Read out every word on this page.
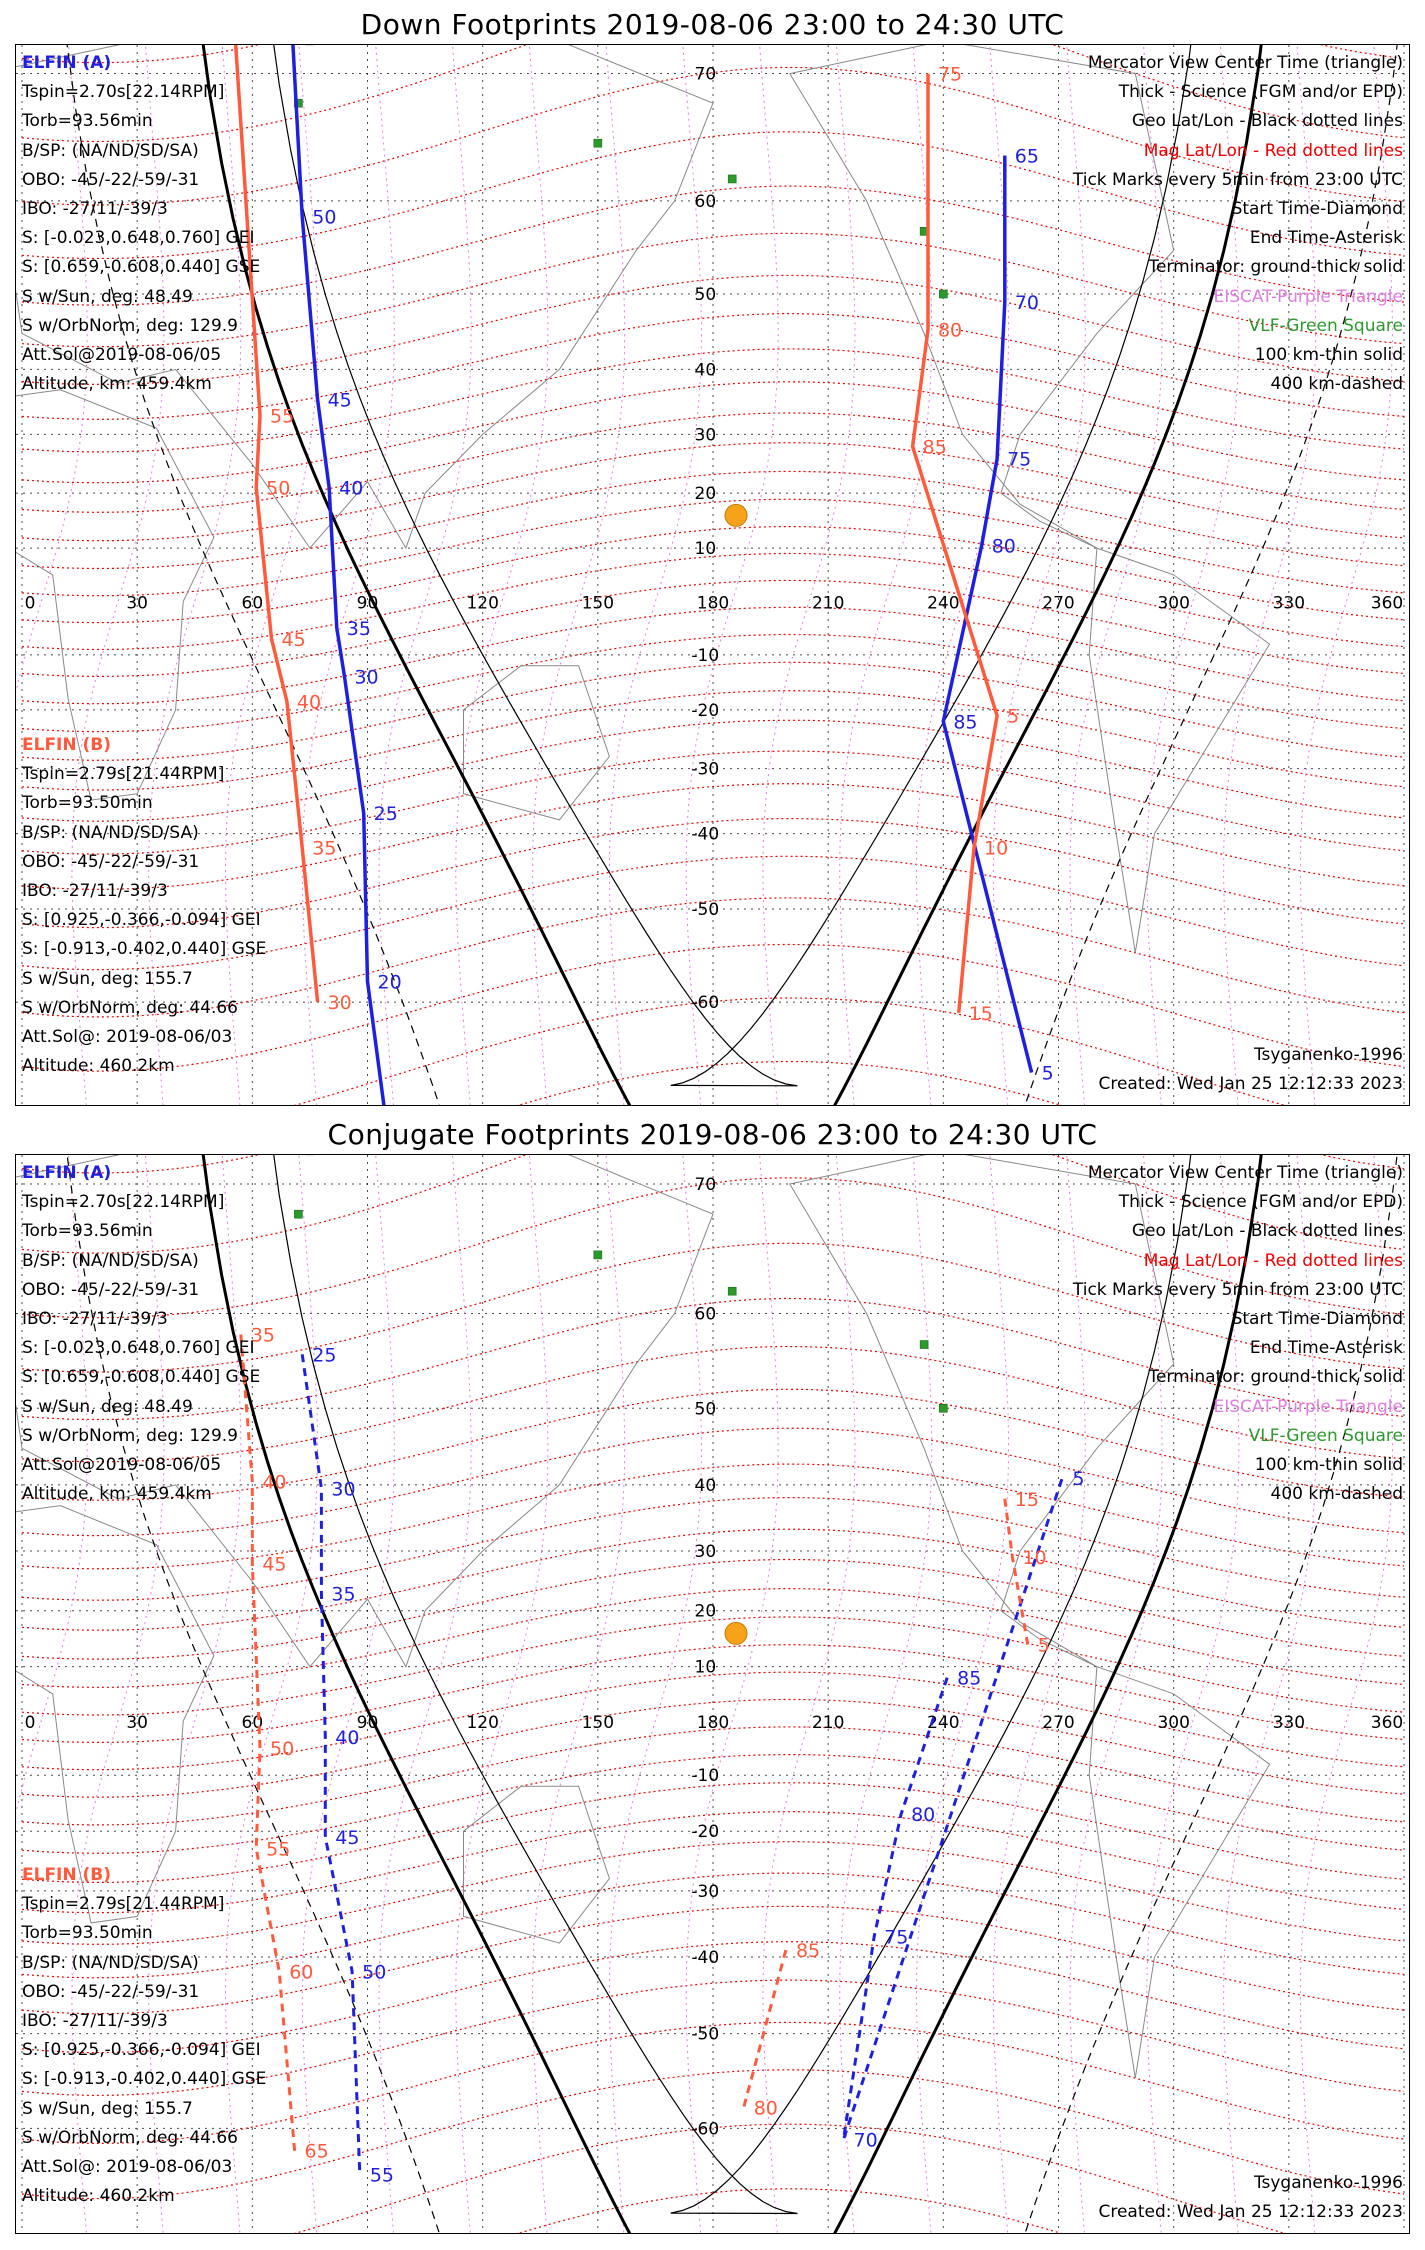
Down Footprints 2019-08-06 23:00 to 24:30 UTC
0	30	60	90	120	150	180	210	240	270	300	330	360
70
60
50
40
30
20
10
-10
-20
-30
-40
-50
-60
50
45
40
35
30
25
20
65
70
75
80
85
5
55
50
45
40
35
30
75
80
85
5
10
15
ELFIN (A)
Tspin=2.70s[22.14RPM]
Torb=93.56min
B/SP: (NA/ND/SD/SA)
OBO: -45/-22/-59/-31
IBO: -27/11/-39/3
S: [-0.023,0.648,0.760] GEI
S: [0.659,-0.608,0.440] GSE
S w/Sun, deg: 48.49
S w/OrbNorm, deg: 129.9
Att.Sol@2019-08-06/05
Altitude, km: 459.4km
ELFIN (B)
Tspin=2.79s[21.44RPM]
Torb=93.50min
B/SP: (NA/ND/SD/SA)
OBO: -45/-22/-59/-31
IBO: -27/11/-39/3
S: [0.925,-0.366,-0.094] GEI
S: [-0.913,-0.402,0.440] GSE
S w/Sun, deg: 155.7
S w/OrbNorm, deg: 44.66
Att.Sol@: 2019-08-06/03
Altitude: 460.2km
Mercator View Center Time (triangle)
Thick - Science (FGM and/or EPD)
Geo Lat/Lon - Black dotted lines
Mag Lat/Lon - Red dotted lines
Tick Marks every 5min from 23:00 UTC
Start Time-Diamond
End Time-Asterisk
Terminator: ground-thick solid
EISCAT-Purple Triangle
VLF-Green Square
100 km-thin solid
400 km-dashed
Tsyganenko-1996
Created: Wed Jan 25 12:12:33 2023
Conjugate Footprints 2019-08-06 23:00 to 24:30 UTC
0	30	60	90	120	150	180	210	240	270	300	330	360
70
60
50
40
30
20
10
-10
-20
-30
-40
-50
-60
25
30
35
40
45
50
55
85
80
75
70
5
35
40
45
50
55
60
65
15
10
5
85
80
ELFIN (A)
Tspin=2.70s[22.14RPM]
Torb=93.56min
B/SP: (NA/ND/SD/SA)
OBO: -45/-22/-59/-31
IBO: -27/11/-39/3
S: [-0.023,0.648,0.760] GEI
S: [0.659,-0.608,0.440] GSE
S w/Sun, deg: 48.49
S w/OrbNorm, deg: 129.9
Att.Sol@2019-08-06/05
Altitude, km: 459.4km
ELFIN (B)
Tspin=2.79s[21.44RPM]
Torb=93.50min
B/SP: (NA/ND/SD/SA)
OBO: -45/-22/-59/-31
IBO: -27/11/-39/3
S: [0.925,-0.366,-0.094] GEI
S: [-0.913,-0.402,0.440] GSE
S w/Sun, deg: 155.7
S w/OrbNorm, deg: 44.66
Att.Sol@: 2019-08-06/03
Altitude: 460.2km
Mercator View Center Time (triangle)
Thick - Science (FGM and/or EPD)
Geo Lat/Lon - Black dotted lines
Mag Lat/Lon - Red dotted lines
Tick Marks every 5min from 23:00 UTC
Start Time-Diamond
End Time-Asterisk
Terminator: ground-thick solid
EISCAT-Purple Triangle
VLF-Green Square
100 km-thin solid
400 km-dashed
Tsyganenko-1996
Created: Wed Jan 25 12:12:33 2023
